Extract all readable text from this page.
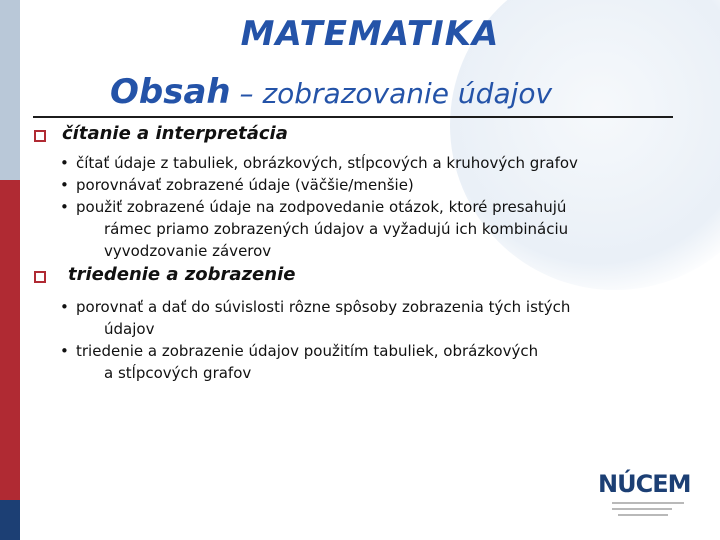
MATEMATIKA
Obsah – zobrazovanie údajov
čítanie a interpretácia
• čítať údaje z tabuliek, obrázkových, stĺpcových a kruhových grafov
• porovnávať zobrazené údaje (väčšie/menšie)
• použiť zobrazené údaje na zodpovedanie otázok, ktoré presahujú
rámec priamo zobrazených údajov a vyžadujú ich kombináciu
vyvodzovanie záverov
triedenie a zobrazenie
• porovnať a dať do súvislosti rôzne spôsoby zobrazenia tých istých
údajov
• triedenie a zobrazenie údajov použitím tabuliek, obrázkových
a stĺpcových grafov
NÚCEM
